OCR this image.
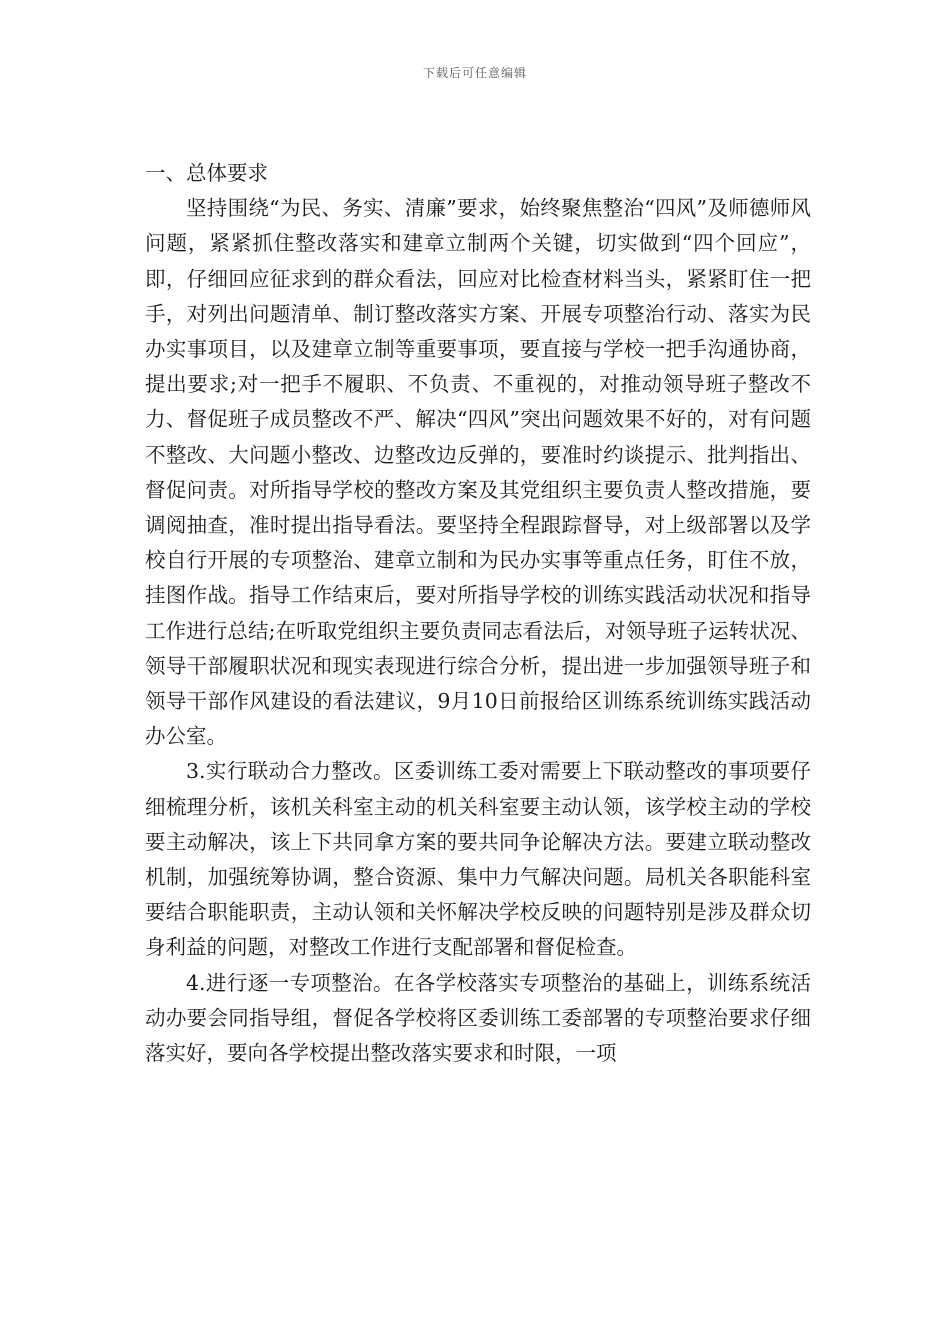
下载后可任意编辑
一、总体要求

坚持围绕“为民、务实、清廉”要求，始终聚焦整治“四风”及师德师风问题，紧紧抓住整改落实和建章立制两个关键，切实做到“四个回应”，即，仔细回应征求到的群众看法，回应对比检查材料当头，紧紧盯住一把手，对列出问题清单、制订整改落实方案、开展专项整治行动、落实为民办实事项目，以及建章立制等重要事项，要直接与学校一把手沟通协商，提出要求;对一把手不履职、不负责、不重视的，对推动领导班子整改不力、督促班子成员整改不严、解决“四风”突出问题效果不好的，对有问题不整改、大问题小整改、边整改边反弹的，要准时约谈提示、批判指出、督促问责。对所指导学校的整改方案及其党组织主要负责人整改措施，要调阅抽查，准时提出指导看法。要坚持全程跟踪督导，对上级部署以及学校自行开展的专项整治、建章立制和为民办实事等重点任务，盯住不放，挂图作战。指导工作结束后，要对所指导学校的训练实践活动状况和指导工作进行总结;在听取党组织主要负责同志看法后，对领导班子运转状况、领导干部履职状况和现实表现进行综合分析，提出进一步加强领导班子和领导干部作风建设的看法建议，9月10日前报给区训练系统训练实践活动办公室。

3.实行联动合力整改。区委训练工委对需要上下联动整改的事项要仔细梳理分析，该机关科室主动的机关科室要主动认领，该学校主动的学校要主动解决，该上下共同拿方案的要共同争论解决方法。要建立联动整改机制，加强统筹协调，整合资源、集中力气解决问题。局机关各职能科室要结合职能职责，主动认领和关怀解决学校反映的问题特别是涉及群众切身利益的问题，对整改工作进行支配部署和督促检查。

4.进行逐一专项整治。在各学校落实专项整治的基础上，训练系统活动办要会同指导组，督促各学校将区委训练工委部署的专项整治要求仔细落实好，要向各学校提出整改落实要求和时限，一项
